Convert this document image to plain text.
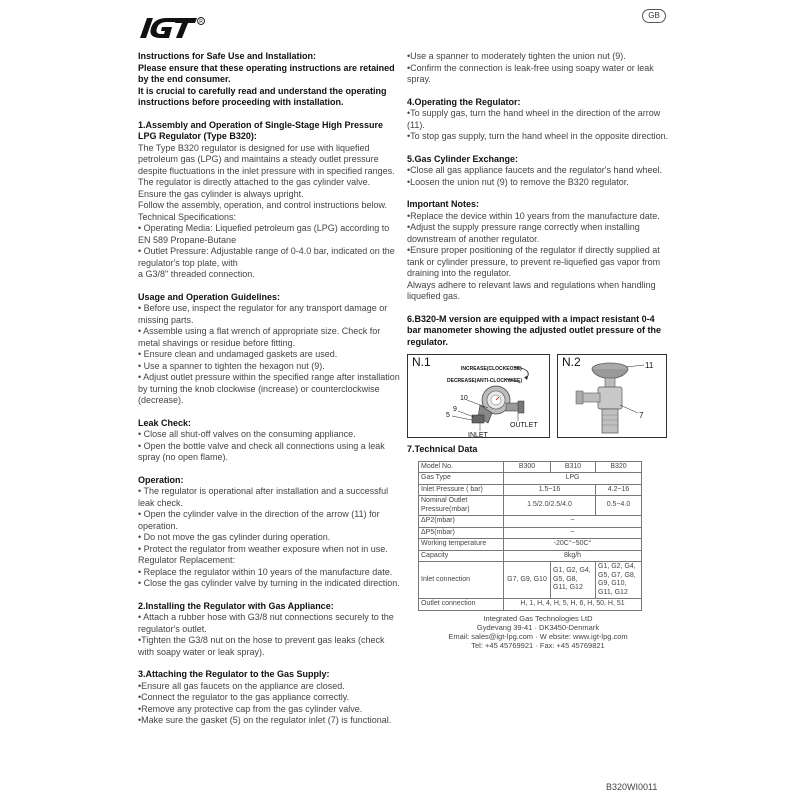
R
GB

Instructions for Safe Use and Installation:

Please ensure that these operating instructions are retained by the end consumer.

It is crucial to carefully read and understand the operating instructions before proceeding with installation.

1.Assembly and Operation of Single-Stage High Pressure LPG Regulator (Type B320):

The Type B320 regulator is designed for use with liquefied petroleum gas (LPG) and maintains a steady outlet pressure despite fluctuations in the inlet pressure with in specified ranges.

The regulator is directly attached to the gas cylinder valve. Ensure the gas cylinder is always upright.

Follow the assembly, operation, and control instructions below.

Technical Specifications:

• Operating Media: Liquefied petroleum gas (LPG) according to EN 589 Propane-Butane

• Outlet Pressure: Adjustable range of 0-4.0 bar, indicated on the regulator's top plate, with

a G3/8" threaded connection.

Usage and Operation Guidelines:

• Before use, inspect the regulator for any transport damage or missing parts.

• Assemble using a flat wrench of appropriate size. Check for metal shavings or residue before fitting.

• Ensure clean and undamaged gaskets are used.

• Use a spanner to tighten the hexagon nut (9).

• Adjust outlet pressure within the specified range after installation by turning the knob clockwise (increase) or counterclockwise (decrease).

Leak Check:

• Close all shut-off valves on the consuming appliance.

• Open the bottle valve and check all connections using a leak spray (no open flame).

Operation:

• The regulator is operational after installation and a successful leak check.

• Open the cylinder valve in the direction of the arrow (11) for operation.

• Do not move the gas cylinder during operation.

• Protect the regulator from weather exposure when not in use.

Regulator Replacement:

• Replace the regulator within 10 years of the manufacture date.

• Close the gas cylinder valve by turning in the indicated direction.

2.Installing the Regulator with Gas Appliance:

• Attach a rubber hose with G3/8 nut connections securely to the regulator's outlet.

•Tighten the G3/8 nut on the hose to prevent gas leaks (check with soapy water or leak spray).

3.Attaching the Regulator to the Gas Supply:

•Ensure all gas faucets on the appliance are closed.

•Connect the regulator to the gas appliance correctly.

•Remove any protective cap from the gas cylinder valve.

•Make sure the gasket (5) on the regulator inlet (7) is functional.

•Use a spanner to moderately tighten the union nut (9).

•Confirm the connection is leak-free using soapy water or leak spray.

4.Operating the Regulator:

•To supply gas, turn the hand wheel in the direction of the arrow (11).

•To stop gas supply, turn the hand wheel in the opposite direction.

5.Gas Cylinder Exchange:

•Close all gas appliance faucets and the regulator's hand wheel.

•Loosen the union nut (9) to remove the B320 regulator.

Important Notes:

•Replace the device within 10 years from the manufacture date.

•Adjust the supply pressure range correctly when installing downstream of another regulator.

•Ensure proper positioning of the regulator if directly supplied at tank or cylinder pressure, to prevent re-liquefied gas vapor from draining into the regulator.

Always adhere to relevant laws and regulations when handling liquefied gas.

6.B320-M version are equipped with a impact resistant 0-4 bar manometer showing the adjusted outlet pressure of the regulator.

N.1	INCREASE(CLOCKEOSE)
DECREASE(ANTI-CLOCKWISE)
10
9
5
OUTLET
INLET
N.2	11
7

7.Technical Data

Model No.	B300	B310	B320
Gas Type	LPG		
Inlet Pressure ( bar)	1.5~16		4.2~16
Nominal Outlet Pressure(mbar)	1.5/2.0/2.5/4.0		0.5~4.0
ΔP2(mbar)	~		
ΔP5(mbar)	~		
Working temperature	-20C°~50C°		
Capacity	8kg/h		
Inlet connection	G7, G9, G10	G1, G2, G4, G5, G8, G11, G12	G1, G2, G4, G5, G7, G8, G9, G10, G11, G12
Outlet connection	H, 1, H, 4, H, 5, H, 6, H, 50, H, 51		
Integrated Gas Technologies LtD
Gydevang 39-41 · DK3450-Denmark
Email: sales@igt-lpg.com · W ebsite: www.igt-lpg.com
Tel: +45 45769921 · Fax: +45 45769821
B320WI0011
